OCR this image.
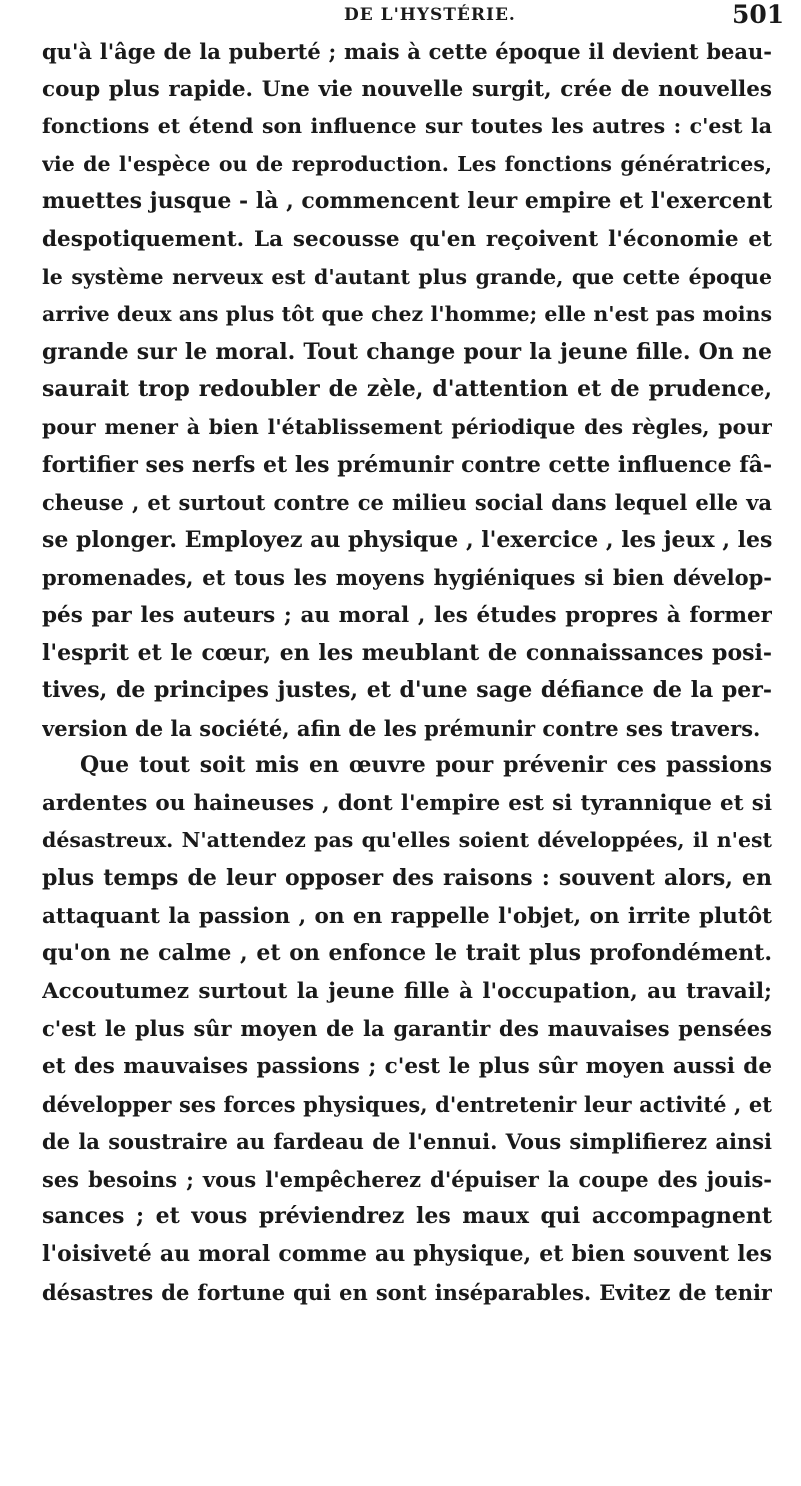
DE L'HYSTÉRIE.	501
qu'à l'âge de la puberté ; mais à cette époque il devient beau-
coup plus rapide. Une vie nouvelle surgit, crée de nouvelles
fonctions et étend son influence sur toutes les autres : c'est la
vie de l'espèce ou de reproduction. Les fonctions génératrices,
muettes jusque - là , commencent leur empire et l'exercent
despotiquement. La secousse qu'en reçoivent l'économie et
le système nerveux est d'autant plus grande, que cette époque
arrive deux ans plus tôt que chez l'homme; elle n'est pas moins
grande sur le moral. Tout change pour la jeune fille. On ne
saurait trop redoubler de zèle, d'attention et de prudence,
pour mener à bien l'établissement périodique des règles, pour
fortifier ses nerfs et les prémunir contre cette influence fâ-
cheuse , et surtout contre ce milieu social dans lequel elle va
se plonger. Employez au physique , l'exercice , les jeux , les
promenades, et tous les moyens hygiéniques si bien dévelop-
pés par les auteurs ; au moral , les études propres à former
l'esprit et le cœur, en les meublant de connaissances posi-
tives, de principes justes, et d'une sage défiance de la per-
version de la société, afin de les prémunir contre ses travers.
Que tout soit mis en œuvre pour prévenir ces passions
ardentes ou haineuses , dont l'empire est si tyrannique et si
désastreux. N'attendez pas qu'elles soient développées, il n'est
plus temps de leur opposer des raisons : souvent alors, en
attaquant la passion , on en rappelle l'objet, on irrite plutôt
qu'on ne calme , et on enfonce le trait plus profondément.
Accoutumez surtout la jeune fille à l'occupation, au travail;
c'est le plus sûr moyen de la garantir des mauvaises pensées
et des mauvaises passions ; c'est le plus sûr moyen aussi de
développer ses forces physiques, d'entretenir leur activité , et
de la soustraire au fardeau de l'ennui. Vous simplifierez ainsi
ses besoins ; vous l'empêcherez d'épuiser la coupe des jouis-
sances ; et vous préviendrez les maux qui accompagnent
l'oisiveté au moral comme au physique, et bien souvent les
désastres de fortune qui en sont inséparables. Evitez de tenir
